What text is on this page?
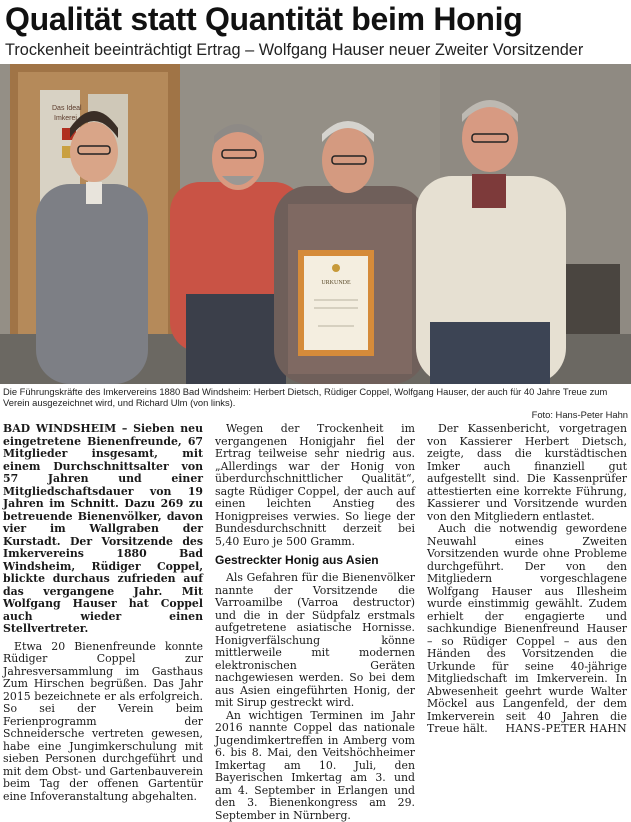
Qualität statt Quantität beim Honig
Trockenheit beeinträchtigt Ertrag – Wolfgang Hauser neuer Zweiter Vorsitzender
Das Ideal
Imkerei
URKUNDE
Die Führungskräfte des Imkervereins 1880 Bad Windsheim: Herbert Dietsch, Rüdiger Coppel, Wolfgang Hauser, der auch für 40 Jahre Treue zum Verein ausgezeichnet wird, und Richard Ulm (von links).
Foto: Hans-Peter Hahn

BAD WINDSHEIM – Sieben neu eingetretene Bienenfreunde, 67 Mitglieder insgesamt, mit einem Durchschnittsalter von 57 Jahren und einer Mitgliedschaftsdauer von 19 Jahren im Schnitt. Dazu 269 zu betreuende Bienenvölker, davon vier im Wallgraben der Kurstadt. Der Vorsitzende des Imkervereins 1880 Bad Windsheim, Rüdiger Coppel, blickte durchaus zufrieden auf das vergangene Jahr. Mit Wolfgang Hauser hat Coppel auch wieder einen Stellvertreter.

Etwa 20 Bienenfreunde konnte Rüdiger Coppel zur Jahresversammlung im Gasthaus Zum Hirschen begrüßen. Das Jahr 2015 bezeichnete er als erfolgreich. So sei der Verein beim Ferienprogramm der Schneidersche vertreten gewesen, habe eine Jungimkerschulung mit sieben Personen durchgeführt und mit dem Obst- und Gartenbauverein beim Tag der offenen Gartentür eine Infoveranstaltung abgehalten.

Wegen der Trockenheit im vergangenen Honigjahr fiel der Ertrag teilweise sehr niedrig aus. „Allerdings war der Honig von überdurchschnittlicher Qualität“, sagte Rüdiger Coppel, der auch auf einen leichten Anstieg des Honigpreises verwies. So liege der Bundesdurchschnitt derzeit bei 5,40 Euro je 500 Gramm.

Gestreckter Honig aus Asien

Als Gefahren für die Bienenvölker nannte der Vorsitzende die Varroamilbe (Varroa destructor) und die in der Südpfalz erstmals aufgetretene asiatische Hornisse. Honigverfälschung könne mittlerweile mit modernen elektronischen Geräten nachgewiesen werden. So bei dem aus Asien eingeführten Honig, der mit Sirup gestreckt wird.

An wichtigen Terminen im Jahr 2016 nannte Coppel das nationale Jugendimkertreffen in Amberg vom 6. bis 8. Mai, den Veitshöchheimer Imkertag am 10. Juli, den Bayerischen Imkertag am 3. und am 4. September in Erlangen und den 3. Bienenkongress am 29. September in Nürnberg.

Der Kassenbericht, vorgetragen von Kassierer Herbert Dietsch, zeigte, dass die kurstädtischen Imker auch finanziell gut aufgestellt sind. Die Kassenprüfer attestierten eine korrekte Führung, Kassierer und Vorsitzende wurden von den Mitgliedern entlastet.

Auch die notwendig gewordene Neuwahl eines Zweiten Vorsitzenden wurde ohne Probleme durchgeführt. Der von den Mitgliedern vorgeschlagene Wolfgang Hauser aus Illesheim wurde einstimmig gewählt. Zudem erhielt der engagierte und sachkundige Bienenfreund Hauser – so Rüdiger Coppel – aus den Händen des Vorsitzenden die Urkunde für seine 40-jährige Mitgliedschaft im Imkerverein. In Abwesenheit geehrt wurde Walter Möckel aus Langenfeld, der dem Imkerverein seit 40 Jahren die Treue hält.	HANS-PETER HAHN
